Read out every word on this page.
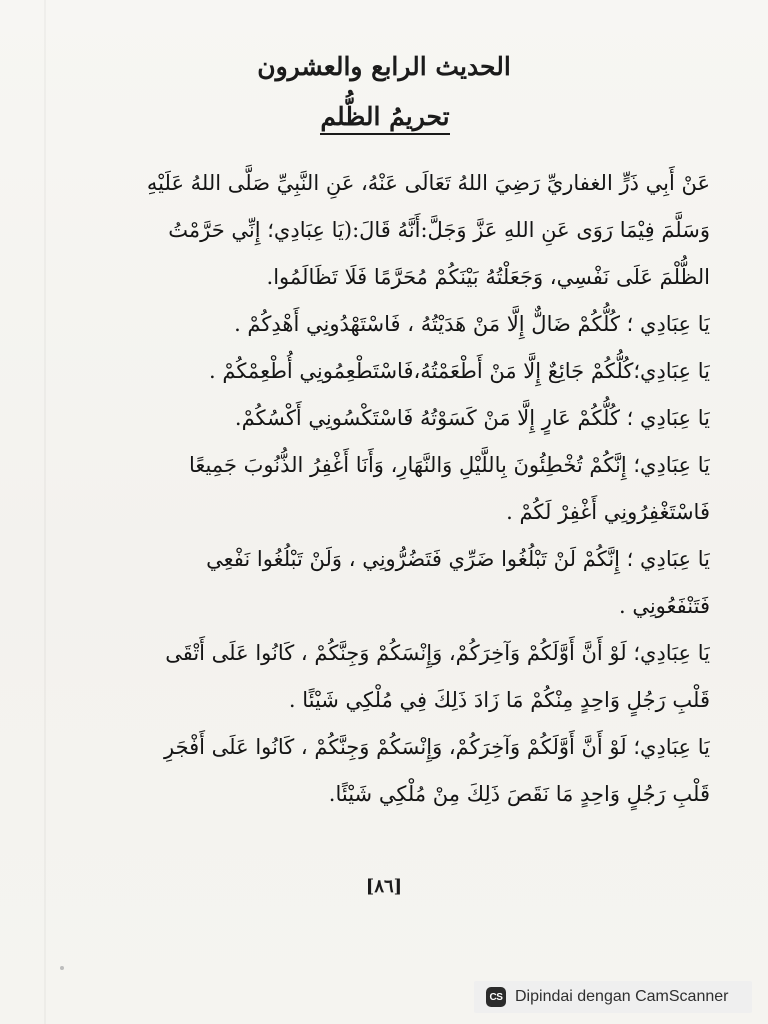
الحديث الرابع والعشرون
تحريمُ الظُّلم
عَنْ أَبِي ذَرٍّ الغفاريِّ رَضِيَ اللهُ تَعَالَى عَنْهُ، عَنِ النَّبِيِّ صَلَّى اللهُ عَلَيْهِ
وَسَلَّمَ فِيْمَا رَوَى عَنِ اللهِ عَزَّ وَجَلَّ:أَنَّهُ قَالَ:(يَا عِبَادِي؛ إِنِّي حَرَّمْتُ
الظُّلْمَ عَلَى نَفْسِي، وَجَعَلْتُهُ بَيْنَكُمْ مُحَرَّمًا فَلَا تَظَالَمُوا.
يَا عِبَادِي ؛ كُلُّكُمْ ضَالٌّ إِلَّا مَنْ هَدَيْتُهُ ، فَاسْتَهْدُونِي أَهْدِكُمْ .
يَا عِبَادِي؛كُلُّكُمْ جَائِعٌ إِلَّا مَنْ أَطْعَمْتُهُ،فَاسْتَطْعِمُونِي أُطْعِمْكُمْ .
يَا عِبَادِي ؛ كُلُّكُمْ عَارٍ إِلَّا مَنْ كَسَوْتُهُ فَاسْتَكْسُونِي أَكْسُكُمْ.
يَا عِبَادِي؛ إِنَّكُمْ تُخْطِئُونَ بِاللَّيْلِ وَالنَّهَارِ، وَأَنَا أَغْفِرُ الذُّنُوبَ جَمِيعًا
فَاسْتَغْفِرُونِي أَغْفِرْ لَكُمْ .
يَا عِبَادِي ؛ إِنَّكُمْ لَنْ تَبْلُغُوا ضَرِّي فَتَضُرُّونِي ، وَلَنْ تَبْلُغُوا نَفْعِي
فَتَنْفَعُونِي .
يَا عِبَادِي؛ لَوْ أَنَّ أَوَّلَكُمْ وَآخِرَكُمْ، وَإِنْسَكُمْ وَجِنَّكُمْ ، كَانُوا عَلَى أَتْقَى
قَلْبِ رَجُلٍ وَاحِدٍ مِنْكُمْ مَا زَادَ ذَلِكَ فِي مُلْكِي شَيْئًا .
يَا عِبَادِي؛ لَوْ أَنَّ أَوَّلَكُمْ وَآخِرَكُمْ، وَإِنْسَكُمْ وَجِنَّكُمْ ، كَانُوا عَلَى أَفْجَرِ
قَلْبِ رَجُلٍ وَاحِدٍ مَا نَقَصَ ذَلِكَ مِنْ مُلْكِي شَيْئًا.
[٨٦]
CS Dipindai dengan CamScanner
